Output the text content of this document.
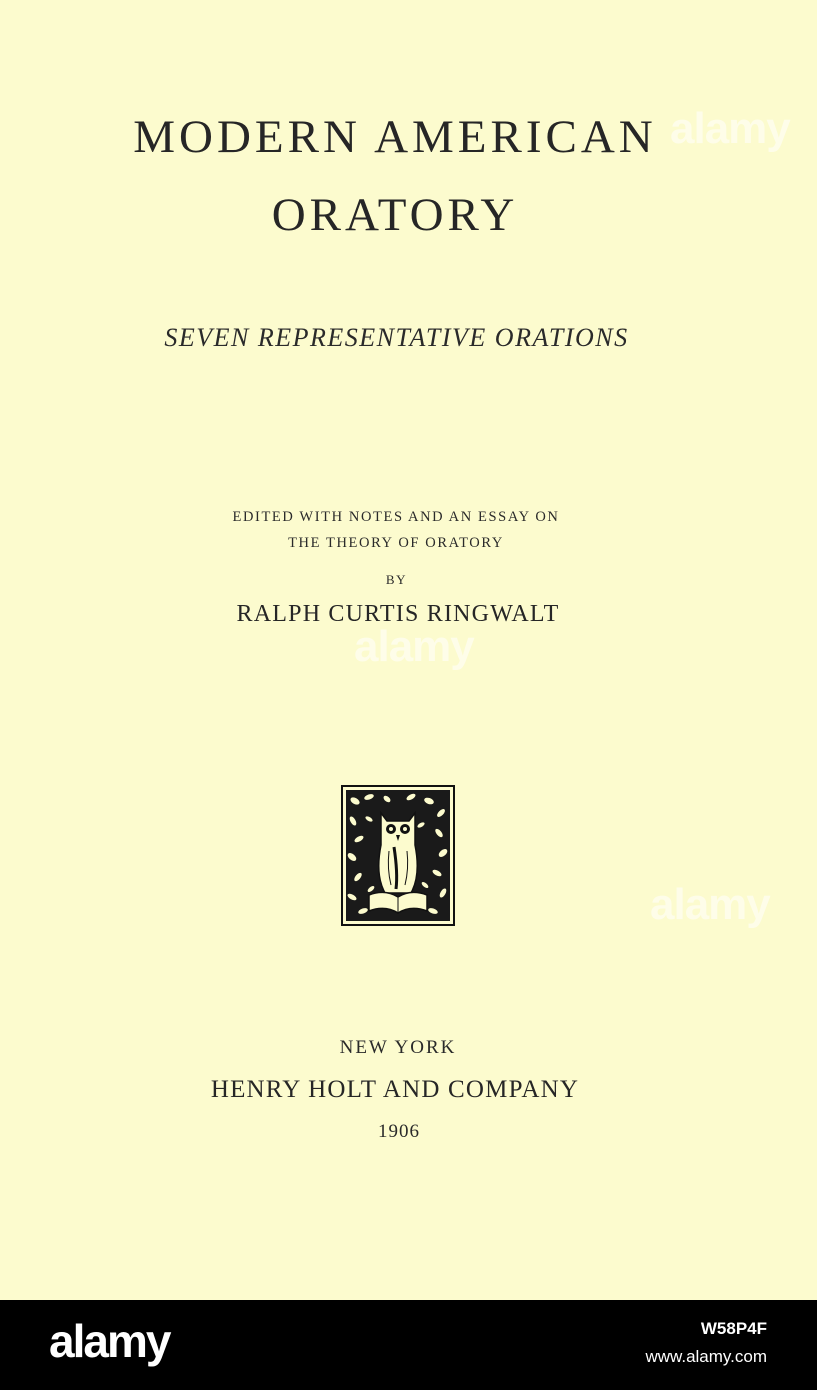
MODERN AMERICAN
ORATORY
SEVEN REPRESENTATIVE ORATIONS
EDITED WITH NOTES AND AN ESSAY ON
THE THEORY OF ORATORY
BY
RALPH CURTIS RINGWALT
NEW YORK
HENRY HOLT AND COMPANY
1906
alamy
alamy
alamy
alamy	W58P4F
www.alamy.com
